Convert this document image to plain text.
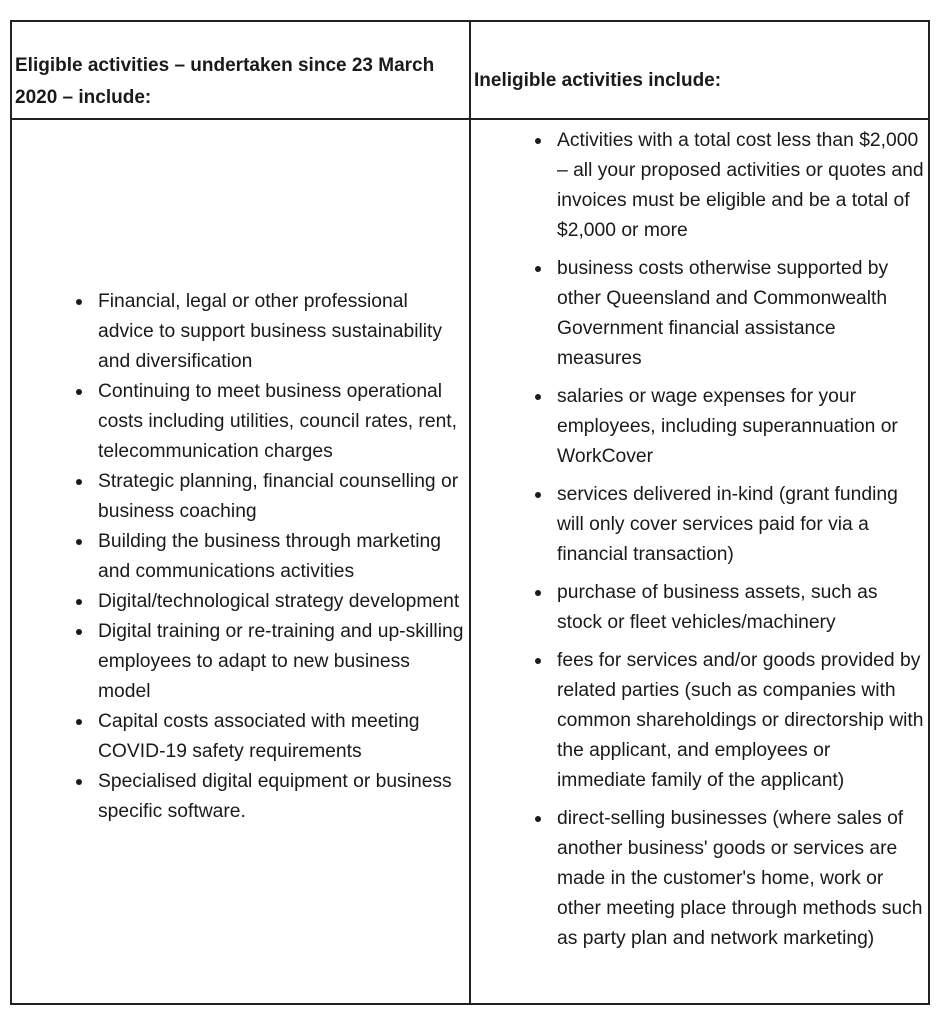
Eligible activities – undertaken since 23 March 2020 – include:
Ineligible activities include:
Financial, legal or other professional advice to support business sustainability and diversification
Continuing to meet business operational costs including utilities, council rates, rent, telecommunication charges
Strategic planning, financial counselling or business coaching
Building the business through marketing and communications activities
Digital/technological strategy development
Digital training or re-training and up-skilling employees to adapt to new business model
Capital costs associated with meeting COVID-19 safety requirements
Specialised digital equipment or business specific software.
Activities with a total cost less than $2,000 – all your proposed activities or quotes and invoices must be eligible and be a total of $2,000 or more
business costs otherwise supported by other Queensland and Commonwealth Government financial assistance measures
salaries or wage expenses for your employees, including superannuation or WorkCover
services delivered in-kind (grant funding will only cover services paid for via a financial transaction)
purchase of business assets, such as stock or fleet vehicles/machinery
fees for services and/or goods provided by related parties (such as companies with common shareholdings or directorship with the applicant, and employees or immediate family of the applicant)
direct-selling businesses (where sales of another business' goods or services are made in the customer's home, work or other meeting place through methods such as party plan and network marketing)
